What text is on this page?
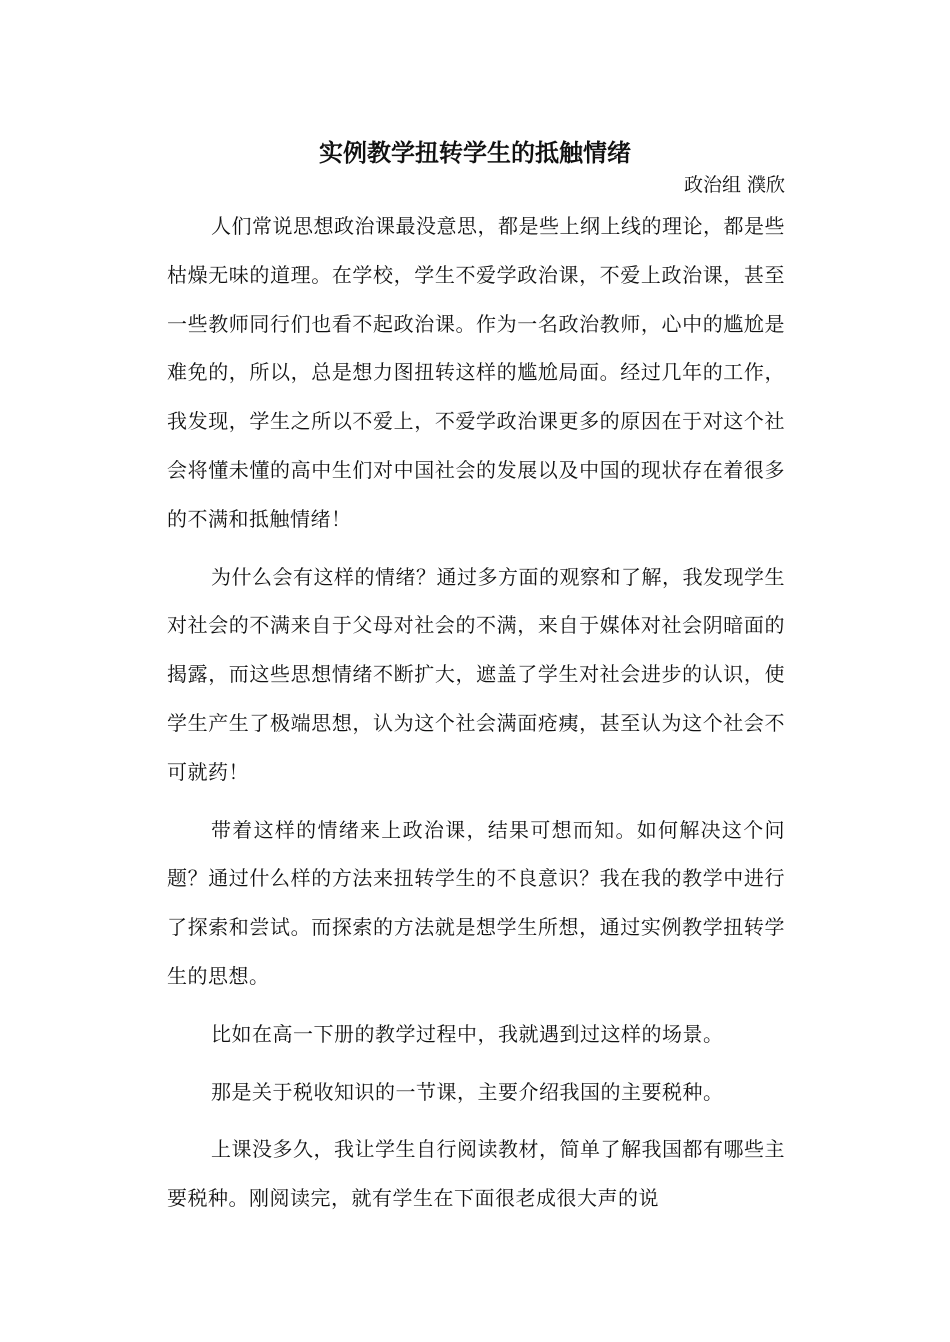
实例教学扭转学生的抵触情绪

政治组 濮欣

人们常说思想政治课最没意思，都是些上纲上线的理论，都是些枯燥无味的道理。在学校，学生不爱学政治课，不爱上政治课，甚至一些教师同行们也看不起政治课。作为一名政治教师，心中的尴尬是难免的，所以，总是想力图扭转这样的尴尬局面。经过几年的工作，我发现，学生之所以不爱上，不爱学政治课更多的原因在于对这个社会将懂未懂的高中生们对中国社会的发展以及中国的现状存在着很多的不满和抵触情绪！

为什么会有这样的情绪？通过多方面的观察和了解，我发现学生对社会的不满来自于父母对社会的不满，来自于媒体对社会阴暗面的揭露，而这些思想情绪不断扩大，遮盖了学生对社会进步的认识，使学生产生了极端思想，认为这个社会满面疮痍，甚至认为这个社会不可就药！

带着这样的情绪来上政治课，结果可想而知。如何解决这个问题？通过什么样的方法来扭转学生的不良意识？我在我的教学中进行了探索和尝试。而探索的方法就是想学生所想，通过实例教学扭转学生的思想。

比如在高一下册的教学过程中，我就遇到过这样的场景。

那是关于税收知识的一节课，主要介绍我国的主要税种。

上课没多久，我让学生自行阅读教材，简单了解我国都有哪些主要税种。刚阅读完，就有学生在下面很老成很大声的说
